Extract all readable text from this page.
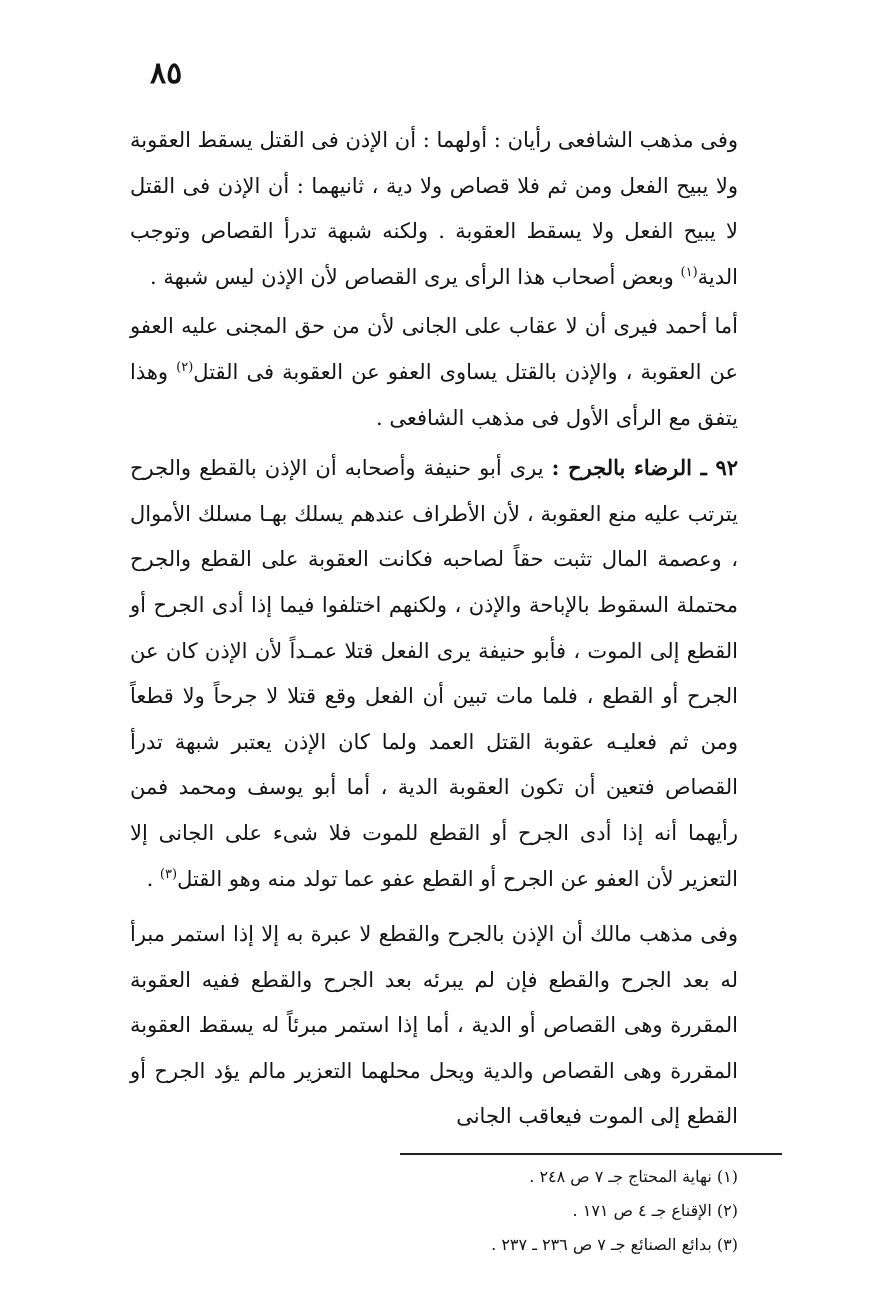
٨٥

وفى مذهب الشافعى رأيان : أولهما : أن الإذن فى القتل يسقط العقوبة ولا يبيح الفعل ومن ثم فلا قصاص ولا دية ، ثانيهما : أن الإذن فى القتل لا يبيح الفعل ولا يسقط العقوبة . ولكنه شبهة تدرأ القصاص وتوجب الدية$^{(١)}$ وبعض أصحاب هذا الرأى يرى القصاص لأن الإذن ليس شبهة .

أما أحمد فيرى أن لا عقاب على الجانى لأن من حق المجنى عليه العفو عن العقوبة ، والإذن بالقتل يساوى العفو عن العقوبة فى القتل$^{(٢)}$ وهذا يتفق مع الرأى الأول فى مذهب الشافعى .

٩٢ ـ الرضاء بالجرح : يرى أبو حنيفة وأصحابه أن الإذن بالقطع والجرح يترتب عليه منع العقوبة ، لأن الأطراف عندهم يسلك بهـا مسلك الأموال ، وعصمة المال تثبت حقاً لصاحبه فكانت العقوبة على القطع والجرح محتملة السقوط بالإباحة والإذن ، ولكنهم اختلفوا فيما إذا أدى الجرح أو القطع إلى الموت ، فأبو حنيفة يرى الفعل قتلا عمـداً لأن الإذن كان عن الجرح أو القطع ، فلما مات تبين أن الفعل وقع قتلا لا جرحاً ولا قطعاً ومن ثم فعليـه عقوبة القتل العمد ولما كان الإذن يعتبر شبهة تدرأ القصاص فتعين أن تكون العقوبة الدية ، أما أبو يوسف ومحمد فمن رأيهما أنه إذا أدى الجرح أو القطع للموت فلا شىء على الجانى إلا التعزير لأن العفو عن الجرح أو القطع عفو عما تولد منه وهو القتل$^{(٣)}$ .

وفى مذهب مالك أن الإذن بالجرح والقطع لا عبرة به إلا إذا استمر مبرأ له بعد الجرح والقطع فإن لم يبرئه بعد الجرح والقطع ففيه العقوبة المقررة وهى القصاص أو الدية ، أما إذا استمر مبرئاً له يسقط العقوبة المقررة وهى القصاص والدية ويحل محلهما التعزير مالم يؤد الجرح أو القطع إلى الموت فيعاقب الجانى

(١) نهاية المحتاج جـ ٧ ص ٢٤٨ .
(٢) الإقناع جـ ٤ ص ١٧١ .
(٣) بدائع الصنائع جـ ٧ ص ٢٣٦ ـ ٢٣٧ .
